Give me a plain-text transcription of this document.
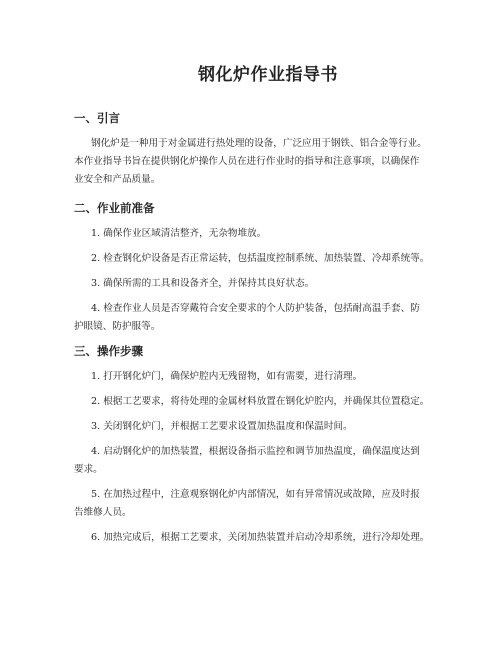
钢化炉作业指导书
一、引言

钢化炉是一种用于对金属进行热处理的设备，广泛应用于钢铁、铝合金等行业。
本作业指导书旨在提供钢化炉操作人员在进行作业时的指导和注意事项，以确保作
业安全和产品质量。

二、作业前准备

1. 确保作业区域清洁整齐，无杂物堆放。

2. 检查钢化炉设备是否正常运转，包括温度控制系统、加热装置、冷却系统等。

3. 确保所需的工具和设备齐全，并保持其良好状态。

4. 检查作业人员是否穿戴符合安全要求的个人防护装备，包括耐高温手套、防
护眼镜、防护服等。

三、操作步骤

1. 打开钢化炉门，确保炉腔内无残留物，如有需要，进行清理。

2. 根据工艺要求，将待处理的金属材料放置在钢化炉腔内，并确保其位置稳定。

3. 关闭钢化炉门，并根据工艺要求设置加热温度和保温时间。

4. 启动钢化炉的加热装置，根据设备指示监控和调节加热温度，确保温度达到
要求。

5. 在加热过程中，注意观察钢化炉内部情况，如有异常情况或故障，应及时报
告维修人员。

6. 加热完成后，根据工艺要求，关闭加热装置并启动冷却系统，进行冷却处理。
